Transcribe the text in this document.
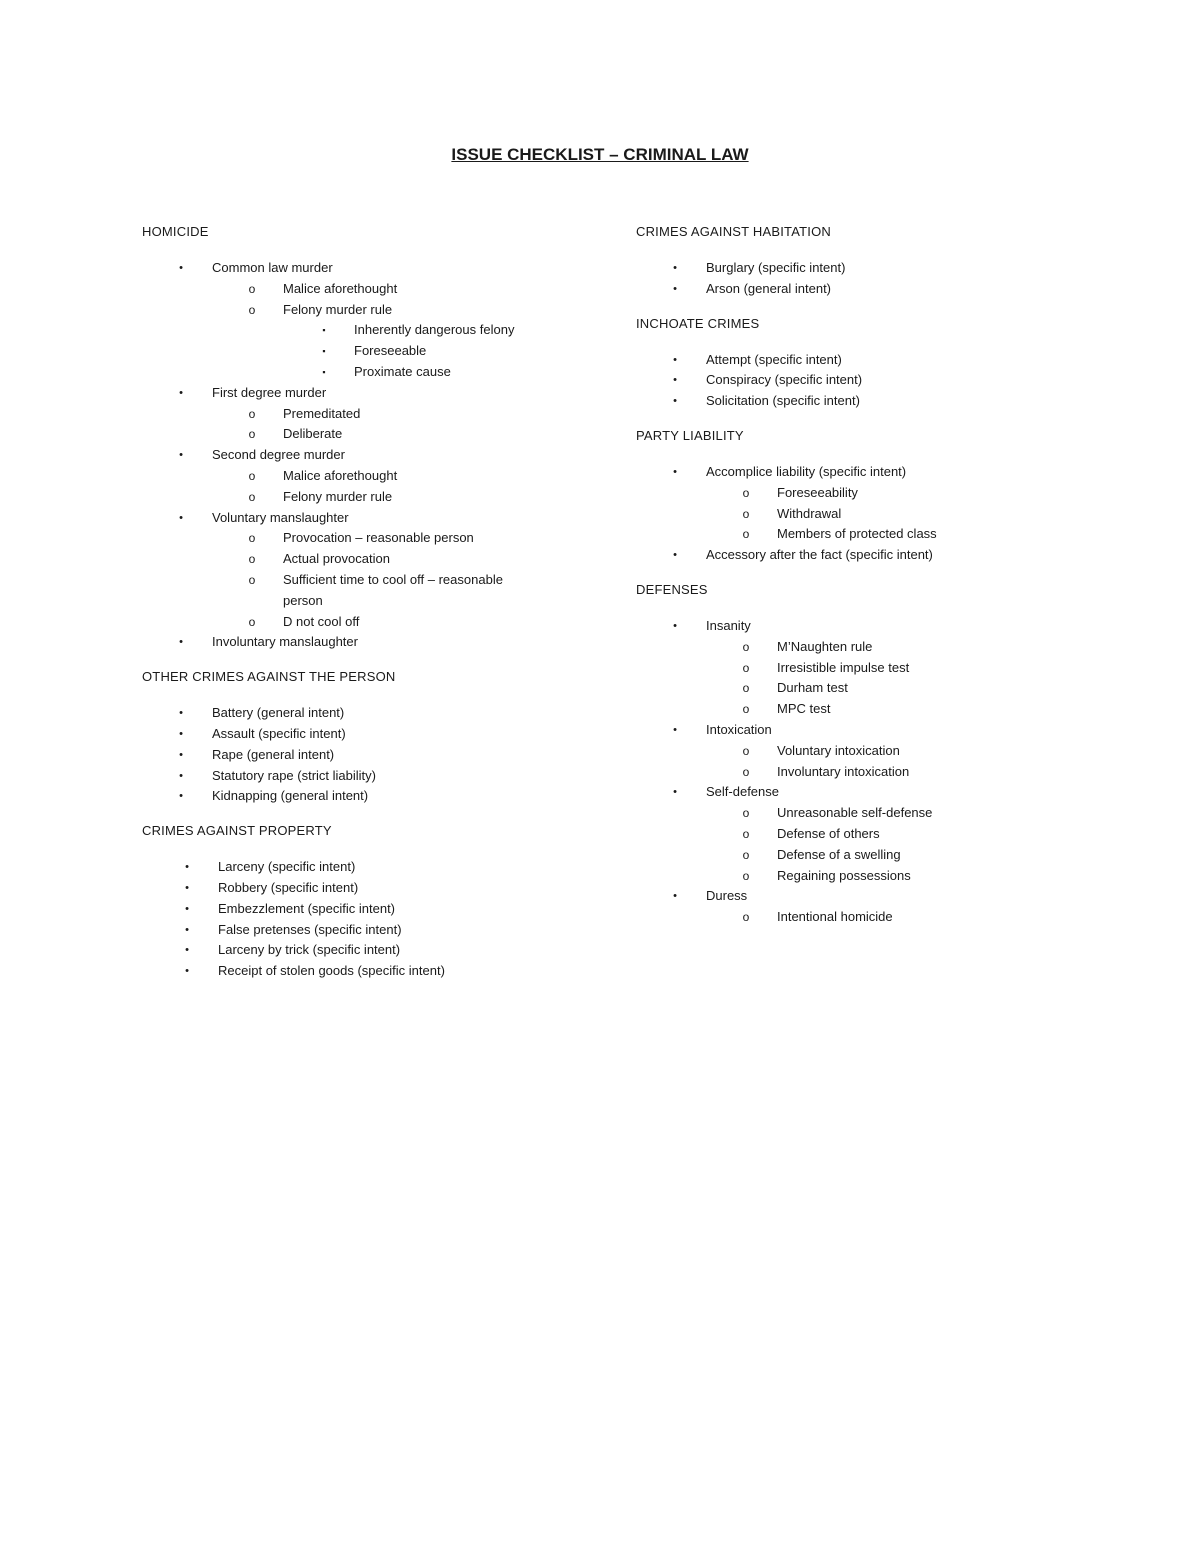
ISSUE CHECKLIST – CRIMINAL LAW
HOMICIDE
•	Common law murder
o Malice aforethought
o Felony murder rule
▪	Inherently dangerous felony
▪	Foreseeable
▪	Proximate cause
•	First degree murder
o Premeditated
o Deliberate
•	Second degree murder
o Malice aforethought
o Felony murder rule
•	Voluntary manslaughter
o Provocation – reasonable person
o Actual provocation
o Sufficient time to cool off – reasonable person
o D not cool off
•	Involuntary manslaughter
OTHER CRIMES AGAINST THE PERSON
•	Battery (general intent)
•	Assault (specific intent)
•	Rape (general intent)
•	Statutory rape (strict liability)
•	Kidnapping (general intent)
CRIMES AGAINST PROPERTY
•	Larceny (specific intent)
•	Robbery (specific intent)
•	Embezzlement (specific intent)
•	False pretenses (specific intent)
•	Larceny by trick (specific intent)
•	Receipt of stolen goods (specific intent)
CRIMES AGAINST HABITATION
•	Burglary (specific intent)
•	Arson (general intent)
INCHOATE CRIMES
•	Attempt (specific intent)
•	Conspiracy (specific intent)
•	Solicitation (specific intent)
PARTY LIABILITY
•	Accomplice liability (specific intent)
o Foreseeability
o Withdrawal
o Members of protected class
•	Accessory after the fact (specific intent)
DEFENSES
•	Insanity
o M’Naughten rule
o Irresistible impulse test
o Durham test
o MPC test
•	Intoxication
o Voluntary intoxication
o Involuntary intoxication
•	Self-defense
o Unreasonable self-defense
o Defense of others
o Defense of a swelling
o Regaining possessions
•	Duress
o Intentional homicide
